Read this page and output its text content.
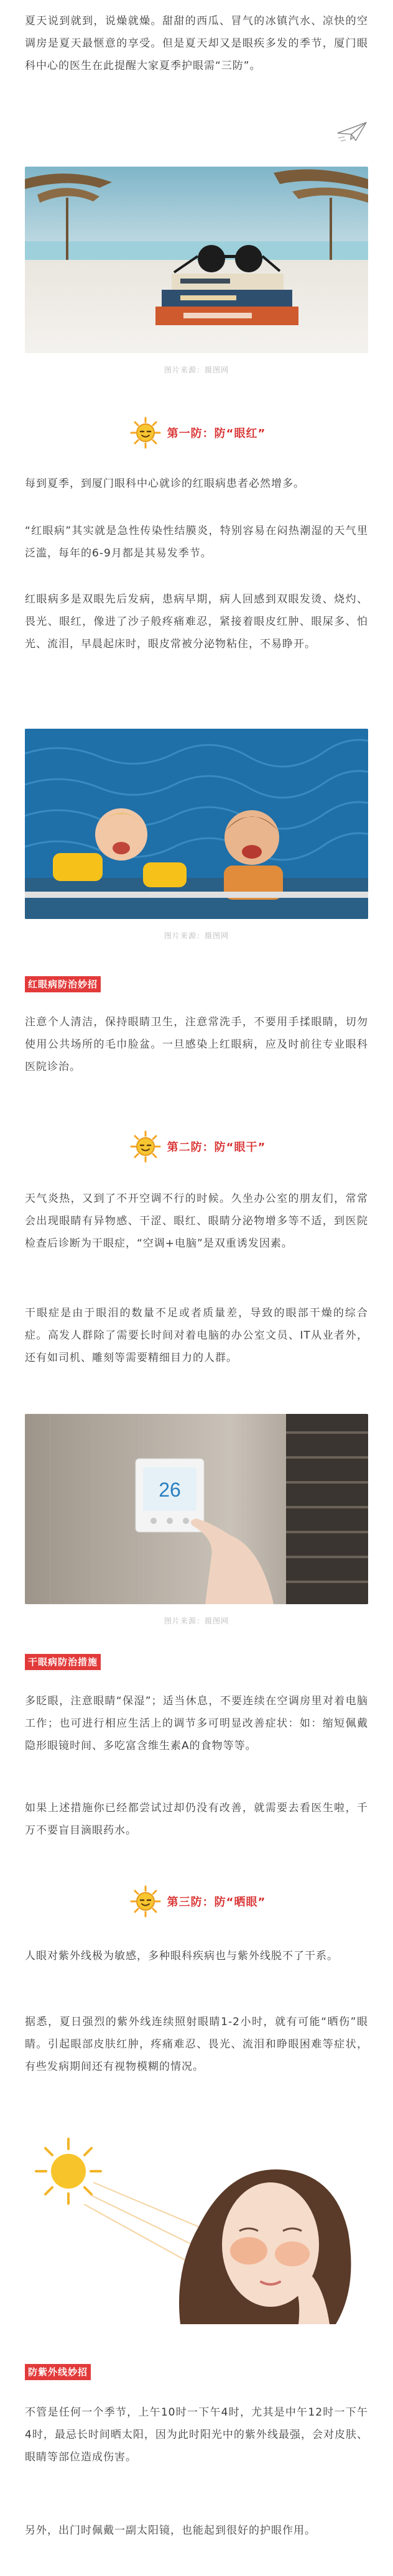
夏天说到就到，说燥就燥。甜甜的西瓜、冒气的冰镇汽水、凉快的空调房是夏天最惬意的享受。但是夏天却又是眼疾多发的季节，厦门眼科中心的医生在此提醒大家夏季护眼需“三防”。

图片来源：摄图网
第一防：防“眼红”

每到夏季，到厦门眼科中心就诊的红眼病患者必然增多。

“红眼病”其实就是急性传染性结膜炎，特别容易在闷热潮湿的天气里泛滥，每年的6-9月都是其易发季节。

红眼病多是双眼先后发病，患病早期，病人回感到双眼发烫、烧灼、畏光、眼红，像进了沙子般疼痛难忍，紧接着眼皮红肿、眼屎多、怕光、流泪，早晨起床时，眼皮常被分泌物粘住，不易睁开。

图片来源：摄图网
红眼病防治妙招

注意个人清洁，保持眼睛卫生，注意常洗手，不要用手揉眼睛，切勿使用公共场所的毛巾脸盆。一旦感染上红眼病，应及时前往专业眼科医院诊治。

第二防：防“眼干”

天气炎热，又到了不开空调不行的时候。久坐办公室的朋友们，常常会出现眼睛有异物感、干涩、眼红、眼睛分泌物增多等不适，到医院检查后诊断为干眼症，“空调+电脑”是双重诱发因素。

干眼症是由于眼泪的数量不足或者质量差，导致的眼部干燥的综合症。高发人群除了需要长时间对着电脑的办公室文员、IT从业者外，还有如司机、雕刻等需要精细目力的人群。

26
图片来源：摄图网
干眼病防治措施

多眨眼，注意眼睛“保湿”；适当休息，不要连续在空调房里对着电脑工作；也可进行相应生活上的调节多可明显改善症状：如：缩短佩戴隐形眼镜时间、多吃富含维生素A的食物等等。

如果上述措施你已经都尝试过却仍没有改善，就需要去看医生啦，千万不要盲目滴眼药水。

第三防：防“晒眼”

人眼对紫外线极为敏感，多种眼科疾病也与紫外线脱不了干系。

据悉，夏日强烈的紫外线连续照射眼睛1-2小时，就有可能“晒伤”眼睛。引起眼部皮肤红肿，疼痛难忍、畏光、流泪和睁眼困难等症状，有些发病期间还有视物模糊的情况。

防紫外线妙招

不管是任何一个季节，上午10时一下午4时，尤其是中午12时一下午4时，最忌长时间晒太阳，因为此时阳光中的紫外线最强，会对皮肤、眼睛等部位造成伤害。

另外，出门时佩戴一副太阳镜，也能起到很好的护眼作用。
